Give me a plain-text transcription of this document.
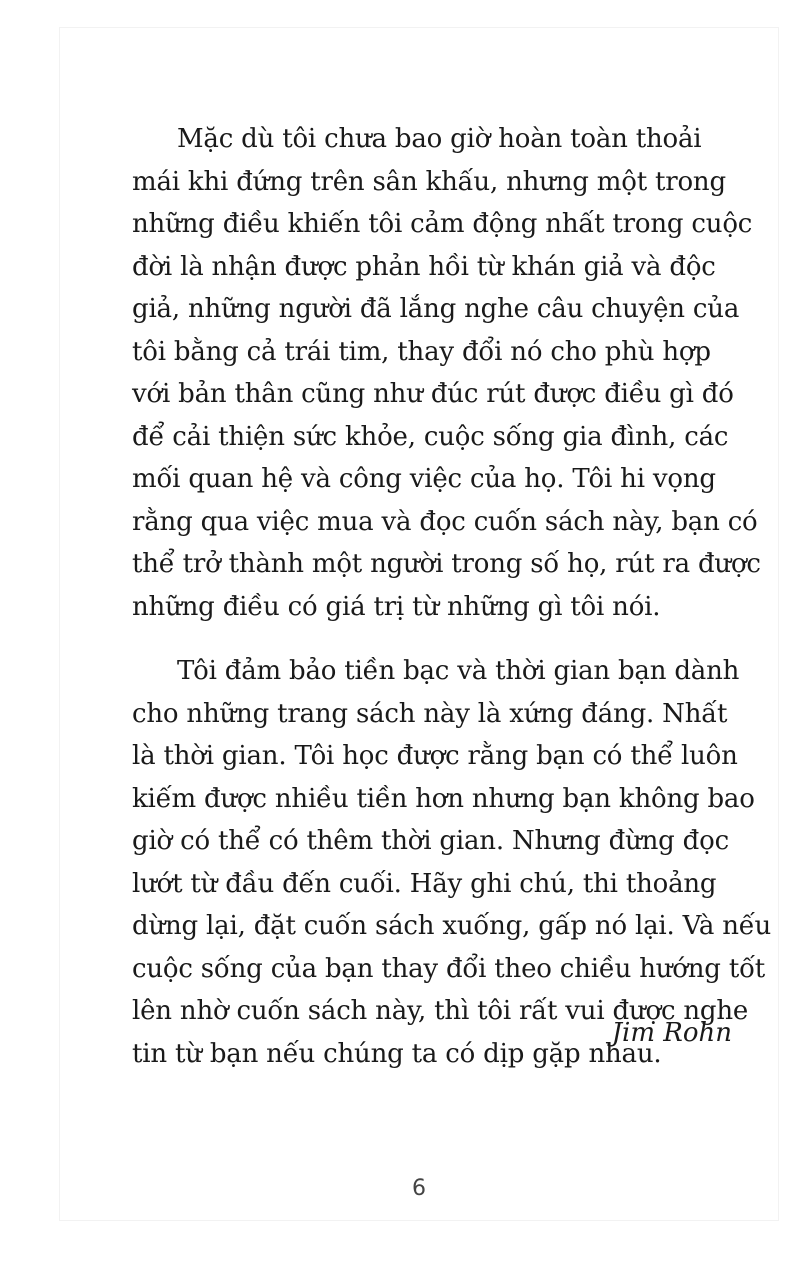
Mặc dù tôi chưa bao giờ hoàn toàn thoải
mái khi đứng trên sân khấu, nhưng một trong
những điều khiến tôi cảm động nhất trong cuộc
đời là nhận được phản hồi từ khán giả và độc
giả, những người đã lắng nghe câu chuyện của
tôi bằng cả trái tim, thay đổi nó cho phù hợp
với bản thân cũng như đúc rút được điều gì đó
để cải thiện sức khỏe, cuộc sống gia đình, các
mối quan hệ và công việc của họ. Tôi hi vọng
rằng qua việc mua và đọc cuốn sách này, bạn có
thể trở thành một người trong số họ, rút ra được
những điều có giá trị từ những gì tôi nói.
Tôi đảm bảo tiền bạc và thời gian bạn dành
cho những trang sách này là xứng đáng. Nhất
là thời gian. Tôi học được rằng bạn có thể luôn
kiếm được nhiều tiền hơn nhưng bạn không bao
giờ có thể có thêm thời gian. Nhưng đừng đọc
lướt từ đầu đến cuối. Hãy ghi chú, thi thoảng
dừng lại, đặt cuốn sách xuống, gấp nó lại. Và nếu
cuộc sống của bạn thay đổi theo chiều hướng tốt
lên nhờ cuốn sách này, thì tôi rất vui được nghe
tin từ bạn nếu chúng ta có dịp gặp nhau.
Jim Rohn
6
